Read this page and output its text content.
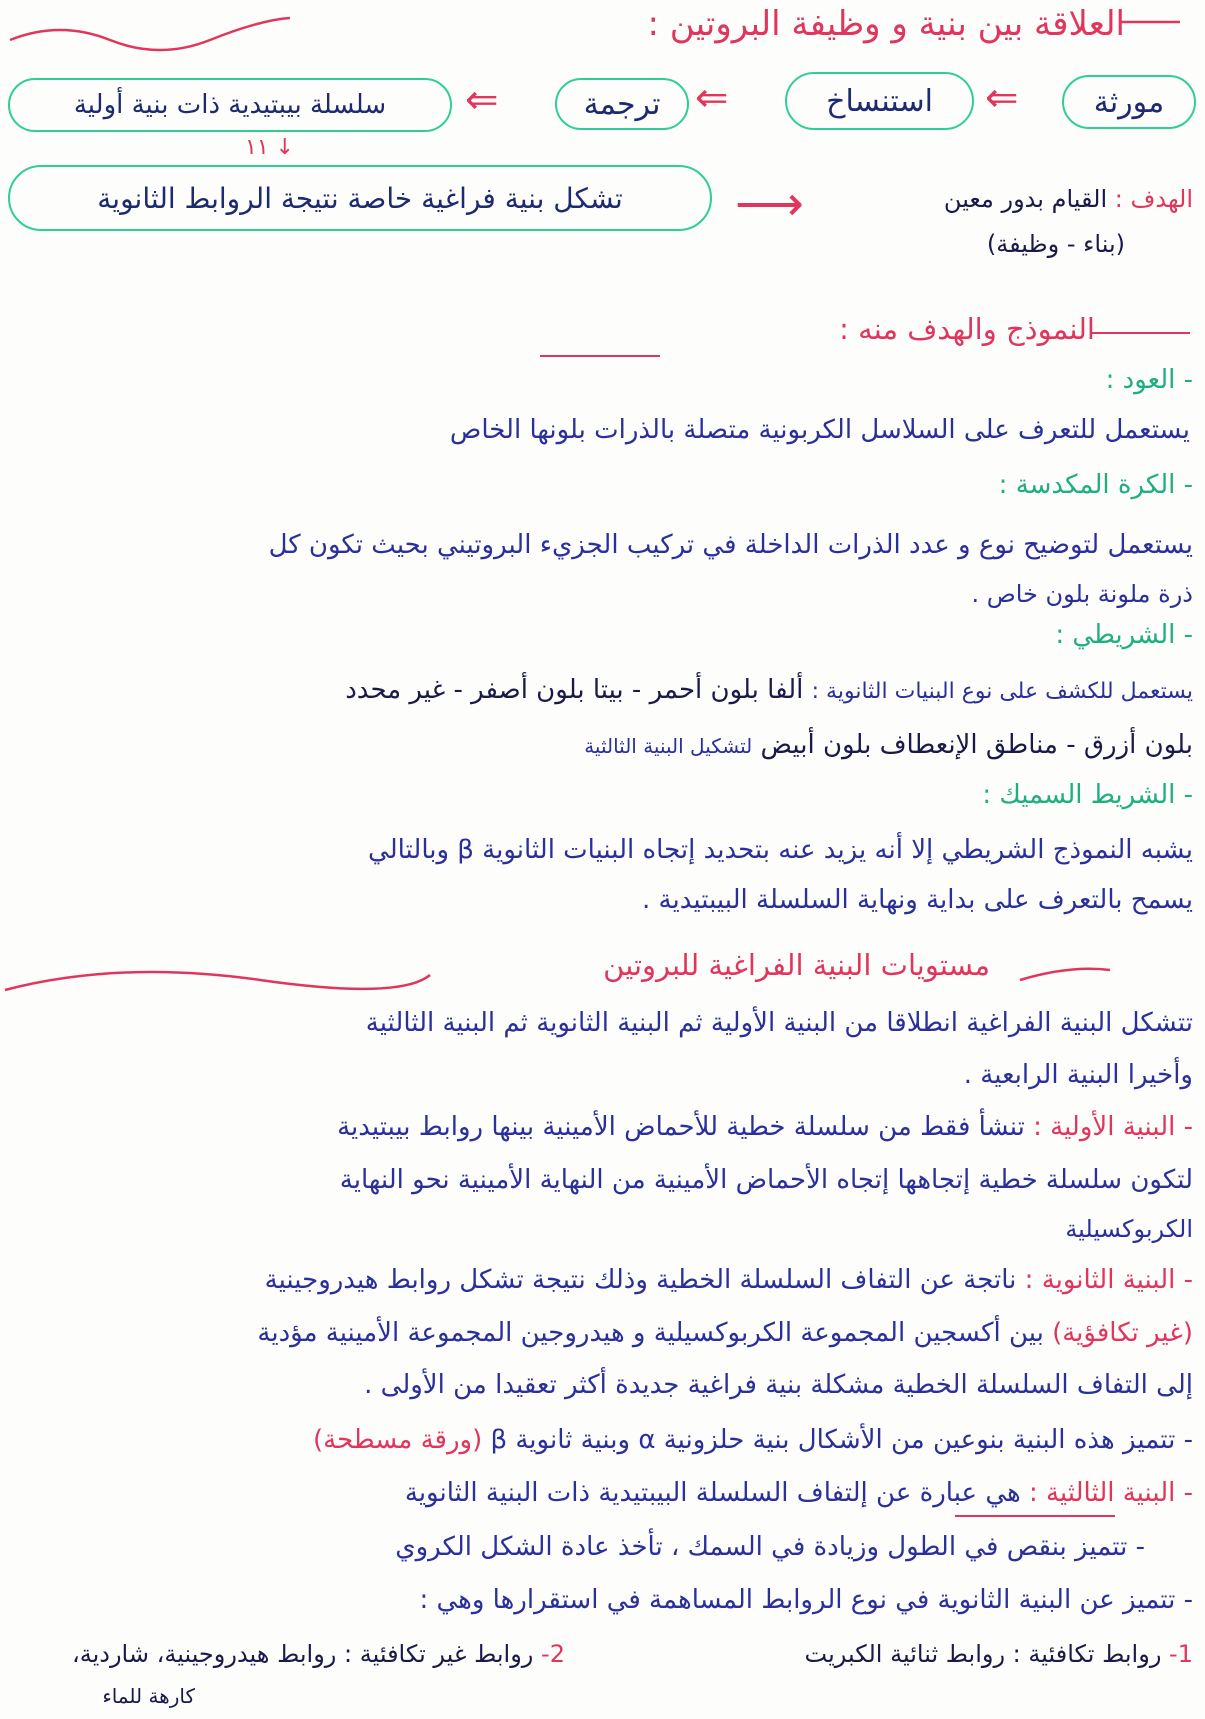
العلاقة بين بنية و وظيفة البروتين :
مورثة
⇐
استنساخ
⇐
ترجمة
⇐
سلسلة بيبتيدية ذات بنية أولية
١١ ↓
تشكل بنية فراغية خاصة نتيجة الروابط الثانوية	⟶	الهدف : القيام بدور معين
(بناء - وظيفة)
النموذج والهدف منه :
- العود :
يستعمل للتعرف على السلاسل الكربونية متصلة بالذرات بلونها الخاص
- الكرة المكدسة :
يستعمل لتوضيح نوع و عدد الذرات الداخلة في تركيب الجزيء البروتيني بحيث تكون كل
ذرة ملونة بلون خاص .
- الشريطي :
يستعمل للكشف على نوع البنيات الثانوية : ألفا بلون أحمر - بيتا بلون أصفر - غير محدد
بلون أزرق - مناطق الإنعطاف بلون أبيض لتشكيل البنية الثالثية
- الشريط السميك :
يشبه النموذج الشريطي إلا أنه يزيد عنه بتحديد إتجاه البنيات الثانوية β وبالتالي
يسمح بالتعرف على بداية ونهاية السلسلة البيبتيدية .
مستويات البنية الفراغية للبروتين
تتشكل البنية الفراغية انطلاقا من البنية الأولية ثم البنية الثانوية ثم البنية الثالثية
وأخيرا البنية الرابعية .
- البنية الأولية : تنشأ فقط من سلسلة خطية للأحماض الأمينية بينها روابط بيبتيدية
لتكون سلسلة خطية إتجاهها إتجاه الأحماض الأمينية من النهاية الأمينية نحو النهاية
الكربوكسيلية
- البنية الثانوية : ناتجة عن التفاف السلسلة الخطية وذلك نتيجة تشكل روابط هيدروجينية
(غير تكافؤية) بين أكسجين المجموعة الكربوكسيلية و هيدروجين المجموعة الأمينية مؤدية
إلى التفاف السلسلة الخطية مشكلة بنية فراغية جديدة أكثر تعقيدا من الأولى .
- تتميز هذه البنية بنوعين من الأشكال بنية حلزونية α وبنية ثانوية β (ورقة مسطحة)
- البنية الثالثية : هي عبارة عن إلتفاف السلسلة البيبتيدية ذات البنية الثانوية
- تتميز بنقص في الطول وزيادة في السمك ، تأخذ عادة الشكل الكروي
- تتميز عن البنية الثانوية في نوع الروابط المساهمة في استقرارها وهي :
1- روابط تكافئية : روابط ثنائية الكبريت
2- روابط غير تكافئية : روابط هيدروجينية، شاردية،
كارهة للماء
